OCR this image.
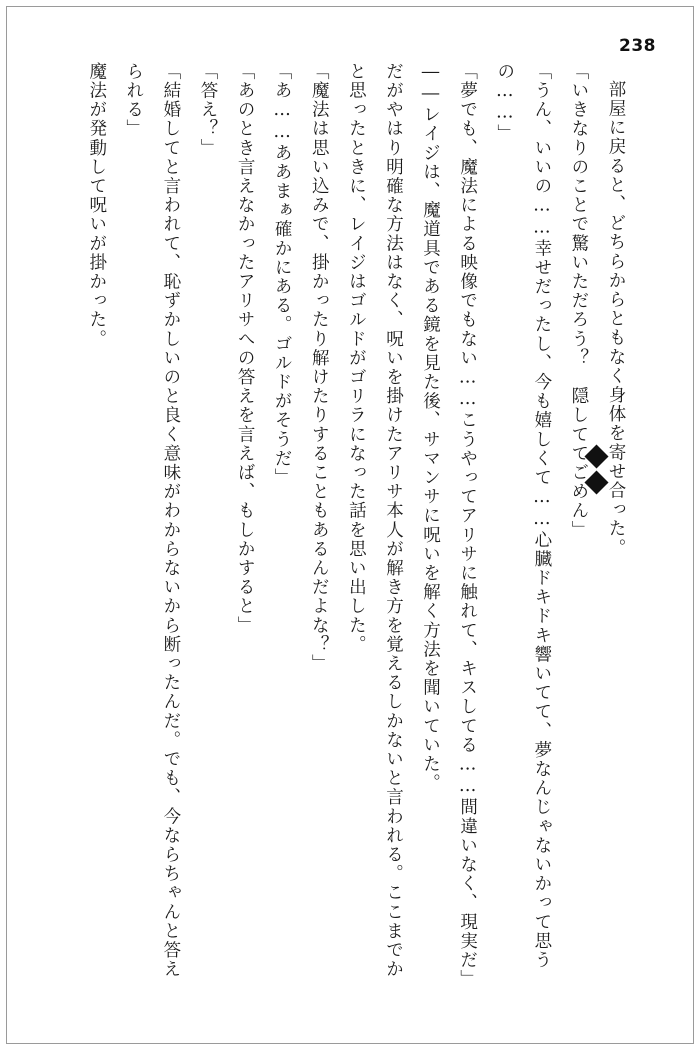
238

部屋に戻ると、どちらからともなく身体を寄せ合った。

「いきなりのことで驚いただろう？　隠しててごめん」

「うん、いいの……幸せだったし、今も嬉しくて……心臓ドキドキ響いてて、夢なんじゃないかって思うの……」

「夢でも、魔法による映像でもない……こうやってアリサに触れて、キスしてる……間違いなく、現実だ」

――レイジは、魔道具である鏡を見た後、サマンサに呪いを解く方法を聞いていた。

だがやはり明確な方法はなく、呪いを掛けたアリサ本人が解き方を覚えるしかないと言われる。ここまでかと思ったときに、レイジはゴルドがゴリラになった話を思い出した。

「魔法は思い込みで、掛かったり解けたりすることもあるんだよな？」

「あ……ああまぁ確かにある。ゴルドがそうだ」

「あのとき言えなかったアリサへの答えを言えば、もしかすると」

「答え？」

「結婚してと言われて、恥ずかしいのと良く意味がわからないから断ったんだ。でも、今ならちゃんと答えられる」

魔法が発動して呪いが掛かった。
